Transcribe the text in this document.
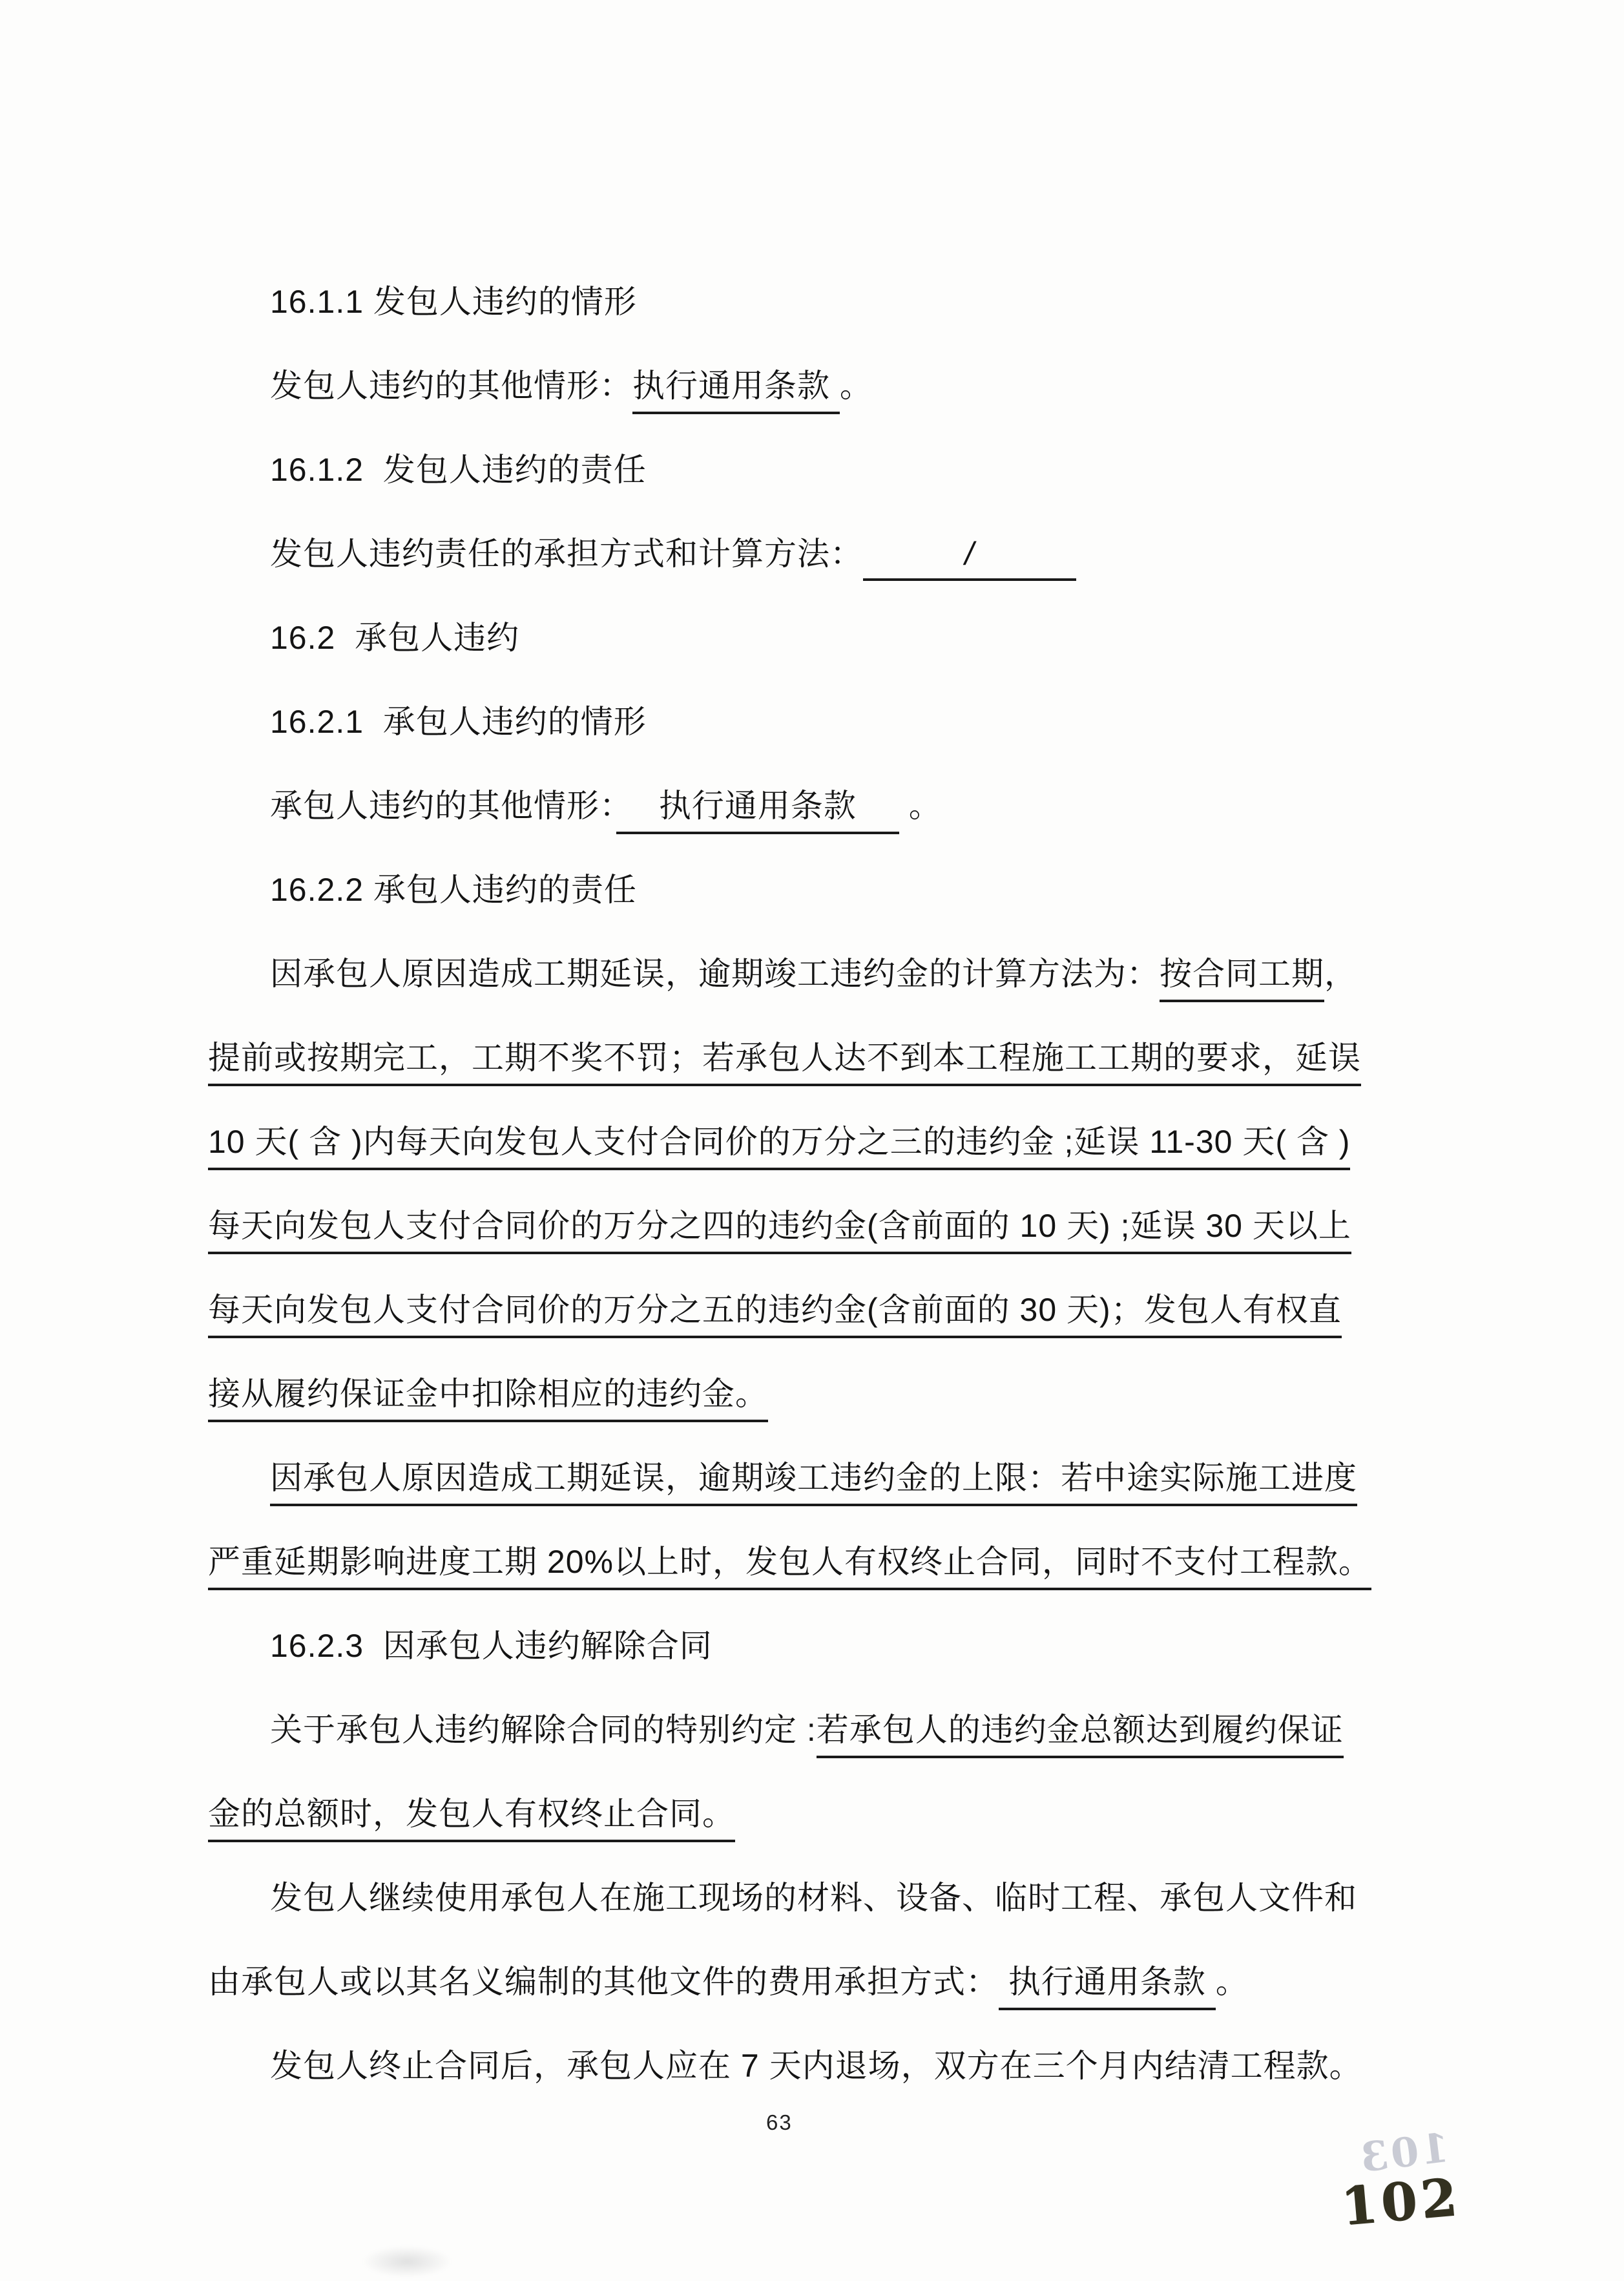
16.1.1 发包人违约的情形
发包人违约的其他情形：执行通用条款 。
16.1.2  发包人违约的责任
发包人违约责任的承担方式和计算方法：	/
16.2  承包人违约
16.2.1  承包人违约的情形
承包人违约的其他情形：　 执行通用条款 　 。
16.2.2 承包人违约的责任
因承包人原因造成工期延误，逾期竣工违约金的计算方法为：按合同工期，
提前或按期完工，工期不奖不罚；若承包人达不到本工程施工工期的要求，延误
10 天( 含 )内每天向发包人支付合同价的万分之三的违约金 ;延误 11-30 天( 含 )
每天向发包人支付合同价的万分之四的违约金(含前面的 10 天) ;延误 30 天以上
每天向发包人支付合同价的万分之五的违约金(含前面的 30 天)；发包人有权直
接从履约保证金中扣除相应的违约金。
因承包人原因造成工期延误，逾期竣工违约金的上限：若中途实际施工进度
严重延期影响进度工期 20%以上时，发包人有权终止合同，同时不支付工程款。
16.2.3  因承包人违约解除合同
关于承包人违约解除合同的特别约定 :若承包人的违约金总额达到履约保证
金的总额时，发包人有权终止合同。
发包人继续使用承包人在施工现场的材料、设备、临时工程、承包人文件和
由承包人或以其名义编制的其他文件的费用承担方式： 执行通用条款 。
发包人终止合同后，承包人应在 7 天内退场，双方在三个月内结清工程款。
63
103
102
